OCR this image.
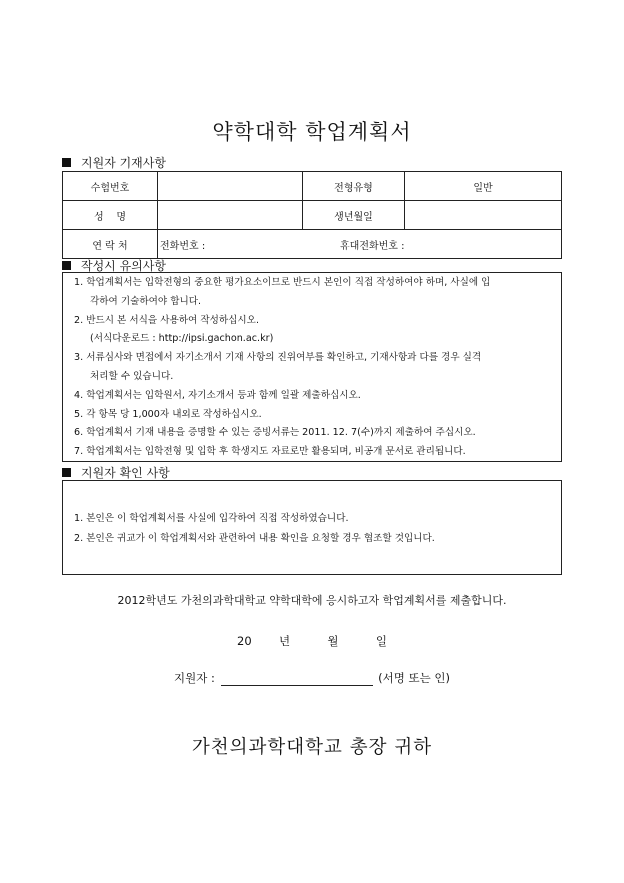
약학대학 학업계획서
지원자 기재사항
수험번호		전형유형	일반
성    명		생년월일	
연 락 처	전화번호 : 휴대전화번호 :		
작성시 유의사항
1. 학업계획서는 입학전형의 중요한 평가요소이므로 반드시 본인이 직접 작성하여야 하며, 사실에 입
각하여 기술하여야 합니다.
2. 반드시 본 서식을 사용하여 작성하십시오.
(서식다운로드 : http://ipsi.gachon.ac.kr)
3. 서류심사와 면접에서 자기소개서 기재 사항의 진위여부를 확인하고, 기재사항과 다를 경우 실격
처리할 수 있습니다.
4. 학업계획서는 입학원서, 자기소개서 등과 함께 일괄 제출하십시오.
5. 각 항목 당 1,000자 내외로 작성하십시오.
6. 학업계획서 기재 내용을 증명할 수 있는 증빙서류는 2011. 12. 7(수)까지 제출하여 주십시오.
7. 학업계획서는 입학전형 및 입학 후 학생지도 자료로만 활용되며, 비공개 문서로 관리됩니다.
지원자 확인 사항
1. 본인은 이 학업계획서를 사실에 입각하여 직접 작성하였습니다.
2. 본인은 귀교가 이 학업계획서와 관련하여 내용 확인을 요청할 경우 협조할 것입니다.
2012학년도 가천의과학대학교 약학대학에 응시하고자 학업계획서를 제출합니다.
20 년	월	일
지원자 :	(서명 또는 인)
가천의과학대학교 총장 귀하
